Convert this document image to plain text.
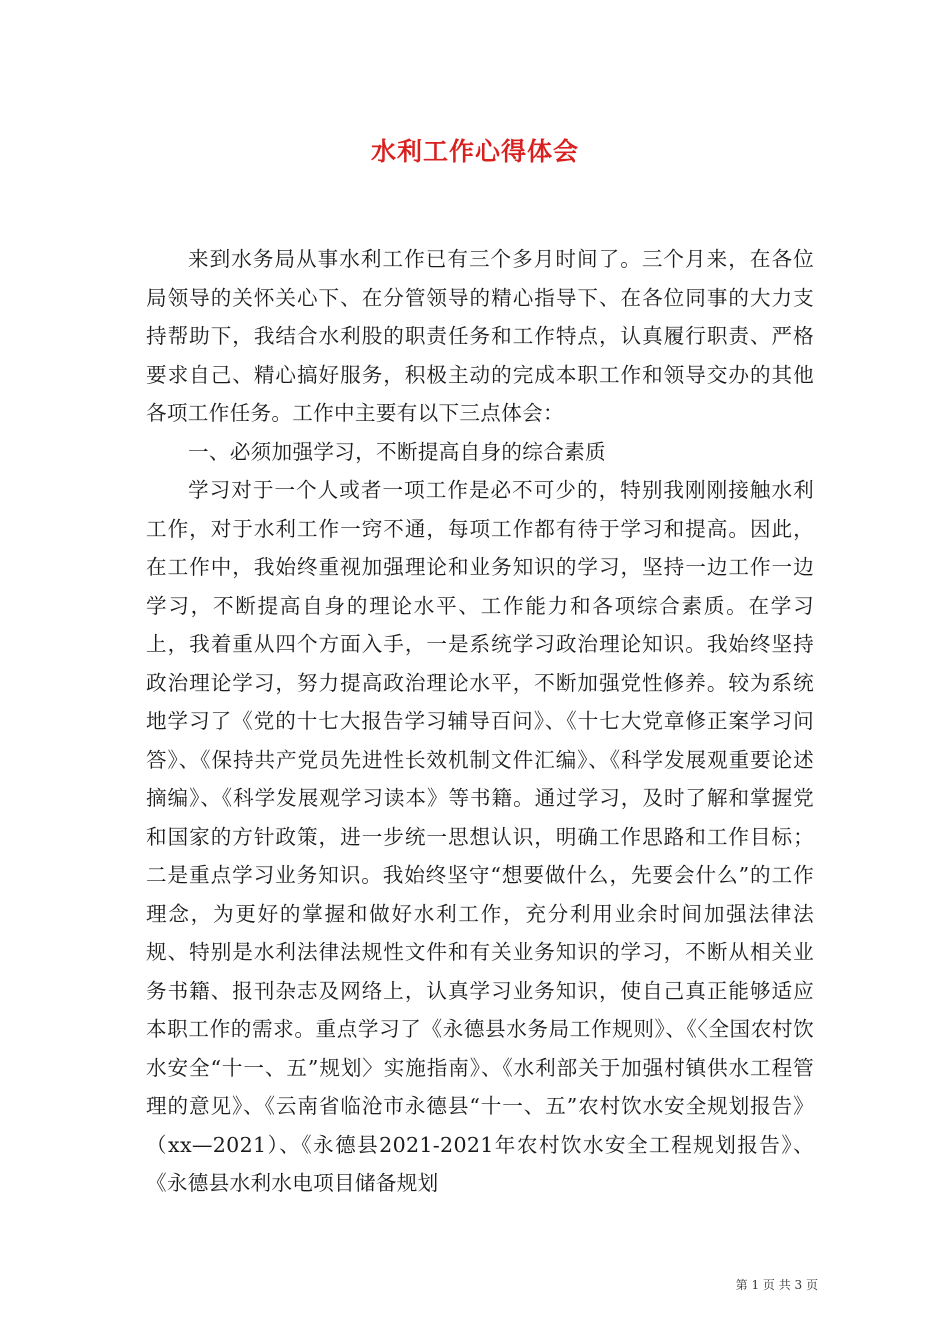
水利工作心得体会

来到水务局从事水利工作已有三个多月时间了。三个月来，在各位局领导的关怀关心下、在分管领导的精心指导下、在各位同事的大力支持帮助下，我结合水利股的职责任务和工作特点，认真履行职责、严格要求自己、精心搞好服务，积极主动的完成本职工作和领导交办的其他各项工作任务。工作中主要有以下三点体会：

一、必须加强学习，不断提高自身的综合素质

学习对于一个人或者一项工作是必不可少的，特别我刚刚接触水利工作，对于水利工作一窍不通，每项工作都有待于学习和提高。因此，在工作中，我始终重视加强理论和业务知识的学习，坚持一边工作一边学习，不断提高自身的理论水平、工作能力和各项综合素质。在学习上，我着重从四个方面入手，一是系统学习政治理论知识。我始终坚持政治理论学习，努力提高政治理论水平，不断加强党性修养。较为系统地学习了《党的十七大报告学习辅导百问》、《十七大党章修正案学习问答》、《保持共产党员先进性长效机制文件汇编》、《科学发展观重要论述摘编》、《科学发展观学习读本》等书籍。通过学习，及时了解和掌握党和国家的方针政策，进一步统一思想认识，明确工作思路和工作目标；二是重点学习业务知识。我始终坚守“想要做什么，先要会什么”的工作理念，为更好的掌握和做好水利工作，充分利用业余时间加强法律法规、特别是水利法律法规性文件和有关业务知识的学习，不断从相关业务书籍、报刊杂志及网络上，认真学习业务知识，使自己真正能够适应本职工作的需求。重点学习了《永德县水务局工作规则》、《〈全国农村饮水安全“十一、五”规划〉实施指南》、《水利部关于加强村镇供水工程管理的意见》、《云南省临沧市永德县“十一、五”农村饮水安全规划报告》（xx—2021）、《永德县2021-2021年农村饮水安全工程规划报告》、《永德县水利水电项目储备规划

第 1 页 共 3 页
